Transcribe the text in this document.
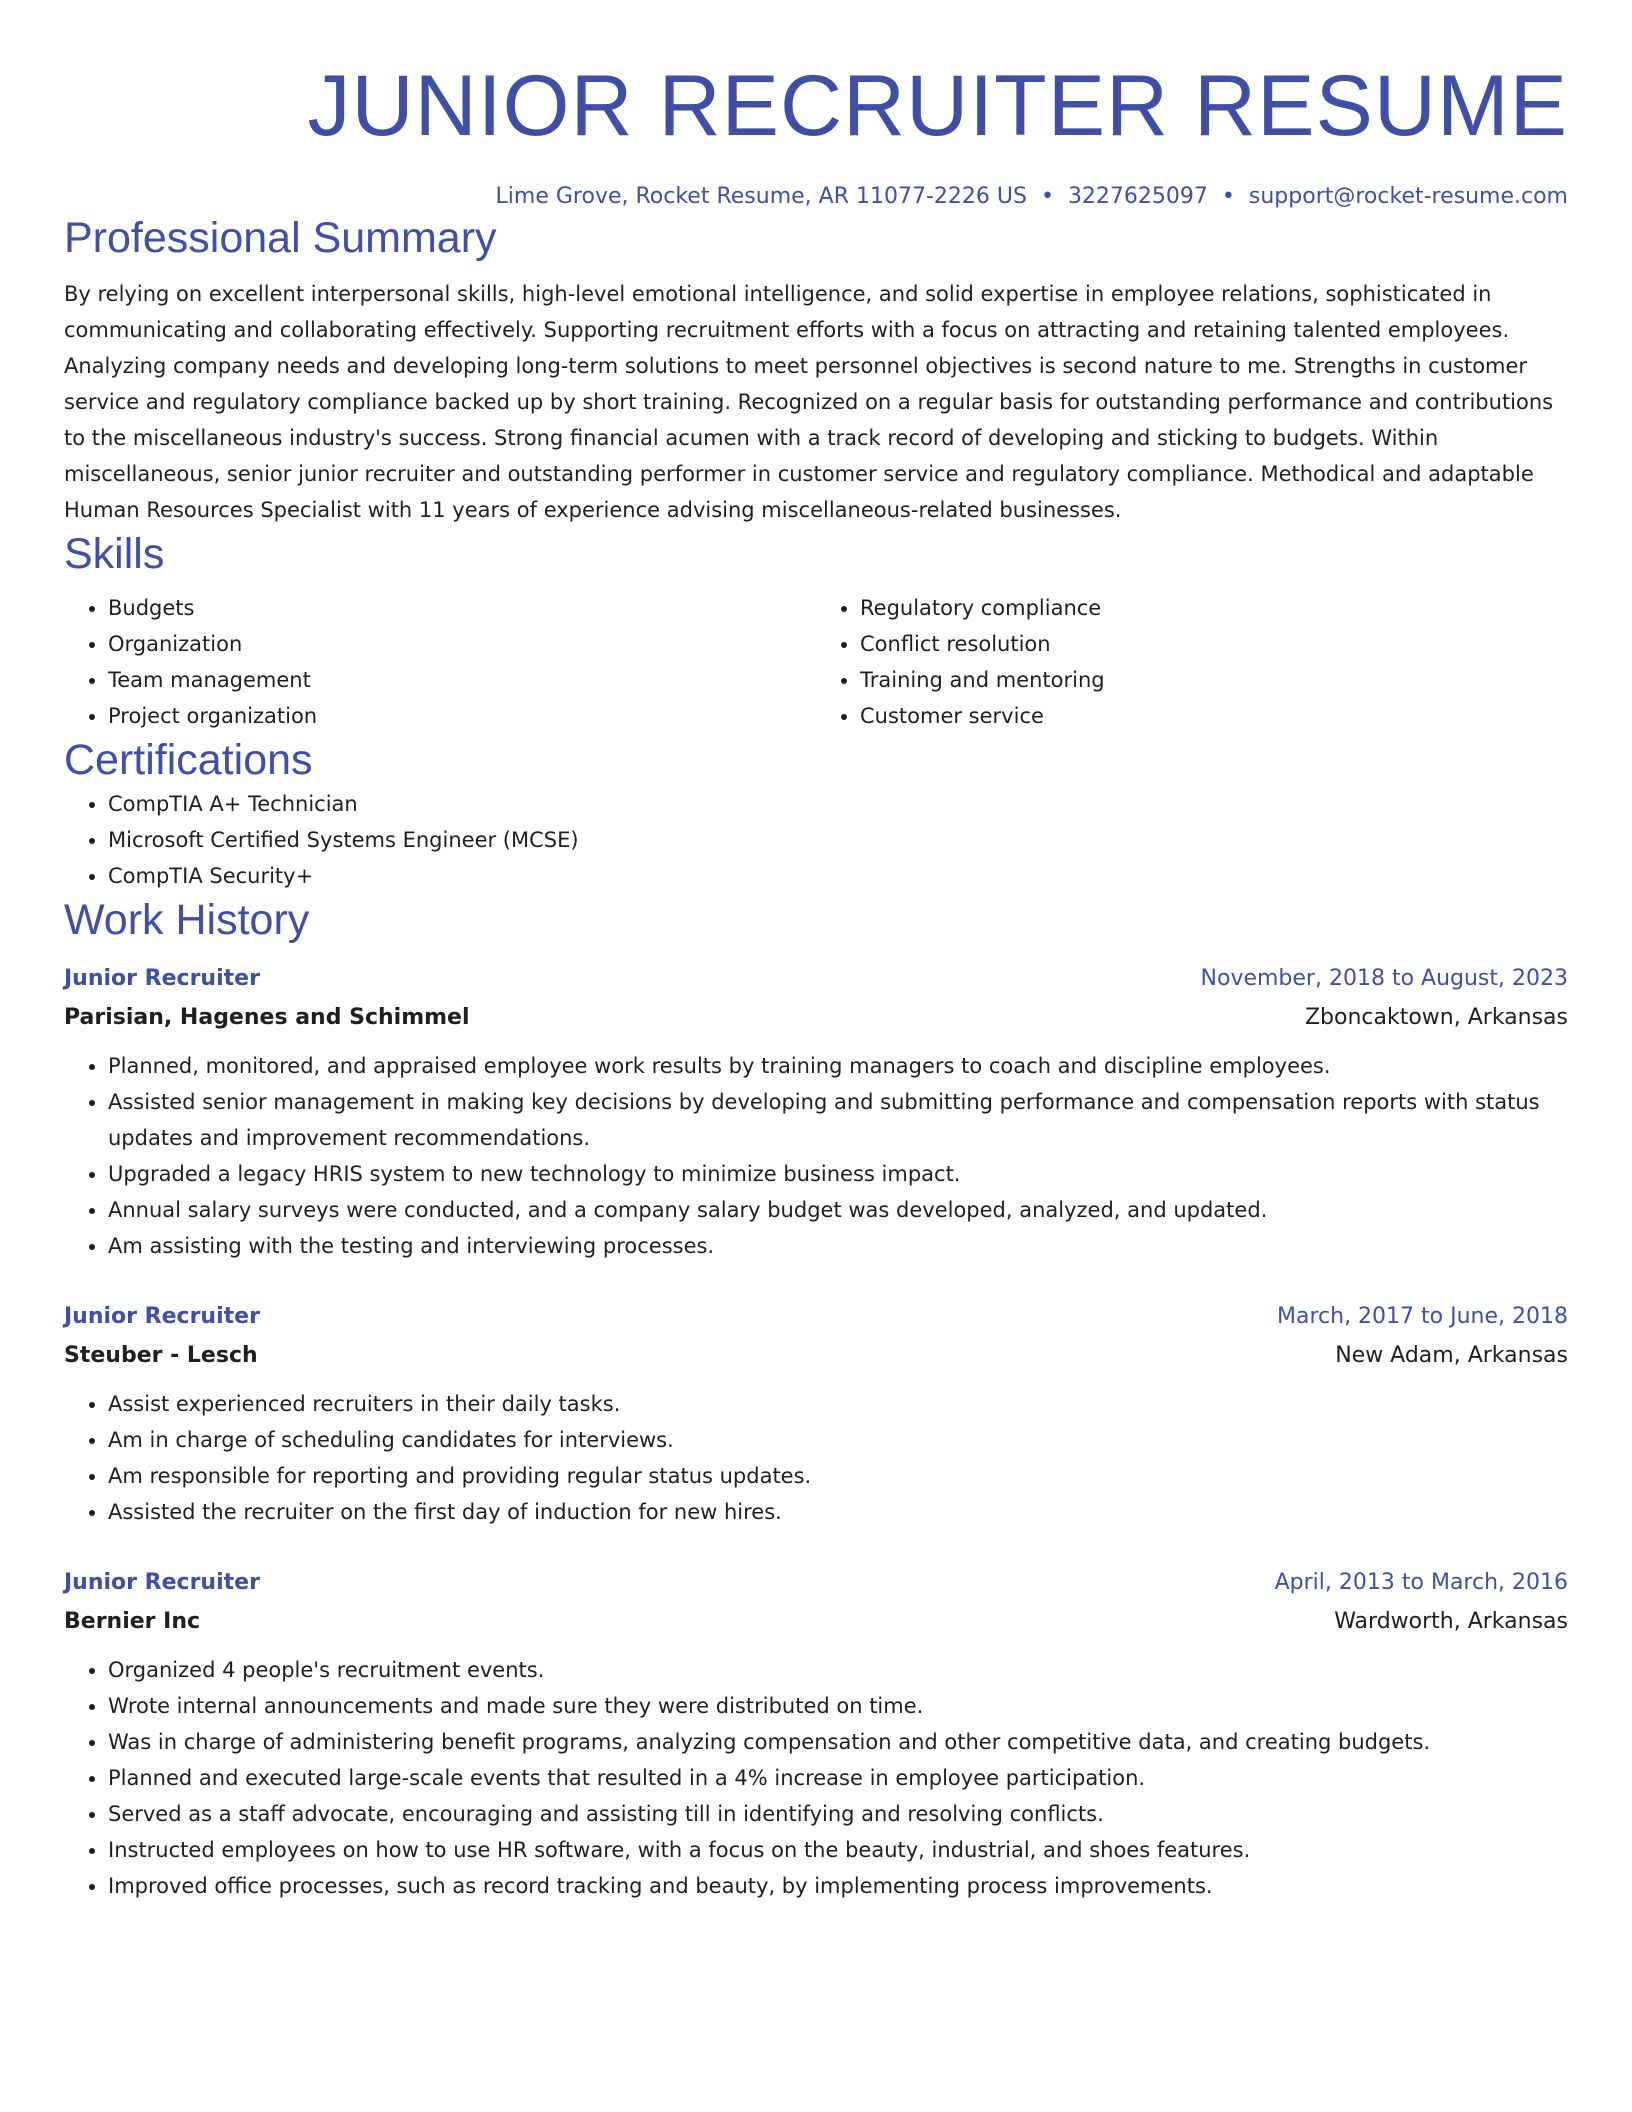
JUNIOR RECRUITER RESUME
Lime Grove, Rocket Resume, AR 11077-2226 US • 3227625097 • support@rocket-resume.com
Professional Summary
By relying on excellent interpersonal skills, high-level emotional intelligence, and solid expertise in employee relations, sophisticated in communicating and collaborating effectively. Supporting recruitment efforts with a focus on attracting and retaining talented employees. Analyzing company needs and developing long-term solutions to meet personnel objectives is second nature to me. Strengths in customer service and regulatory compliance backed up by short training. Recognized on a regular basis for outstanding performance and contributions to the miscellaneous industry's success. Strong financial acumen with a track record of developing and sticking to budgets. Within miscellaneous, senior junior recruiter and outstanding performer in customer service and regulatory compliance. Methodical and adaptable Human Resources Specialist with 11 years of experience advising miscellaneous-related businesses.
Skills
• Budgets
• Organization
• Team management
• Project organization
• Regulatory compliance
• Conflict resolution
• Training and mentoring
• Customer service
Certifications
• CompTIA A+ Technician
• Microsoft Certified Systems Engineer (MCSE)
• CompTIA Security+
Work History
Junior Recruiter	November, 2018 to August, 2023
Parisian, Hagenes and Schimmel	Zboncaktown, Arkansas
• Planned, monitored, and appraised employee work results by training managers to coach and discipline employees.
• Assisted senior management in making key decisions by developing and submitting performance and compensation reports with status updates and improvement recommendations.
• Upgraded a legacy HRIS system to new technology to minimize business impact.
• Annual salary surveys were conducted, and a company salary budget was developed, analyzed, and updated.
• Am assisting with the testing and interviewing processes.
Junior Recruiter	March, 2017 to June, 2018
Steuber - Lesch	New Adam, Arkansas
• Assist experienced recruiters in their daily tasks.
• Am in charge of scheduling candidates for interviews.
• Am responsible for reporting and providing regular status updates.
• Assisted the recruiter on the first day of induction for new hires.
Junior Recruiter	April, 2013 to March, 2016
Bernier Inc	Wardworth, Arkansas
• Organized 4 people's recruitment events.
• Wrote internal announcements and made sure they were distributed on time.
• Was in charge of administering benefit programs, analyzing compensation and other competitive data, and creating budgets.
• Planned and executed large-scale events that resulted in a 4% increase in employee participation.
• Served as a staff advocate, encouraging and assisting till in identifying and resolving conflicts.
• Instructed employees on how to use HR software, with a focus on the beauty, industrial, and shoes features.
• Improved office processes, such as record tracking and beauty, by implementing process improvements.
